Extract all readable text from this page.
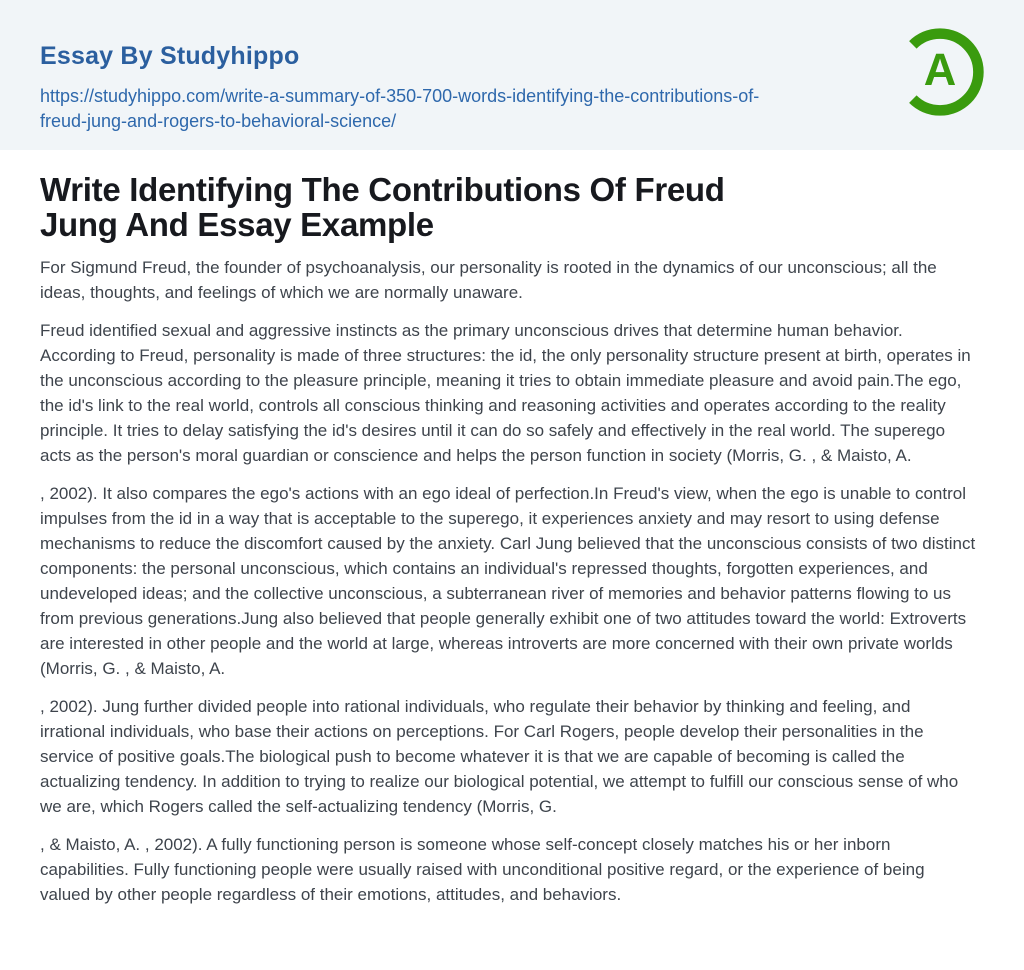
Essay By Studyhippo
https://studyhippo.com/write-a-summary-of-350-700-words-identifying-the-contributions-of-
freud-jung-and-rogers-to-behavioral-science/
A
Write Identifying The Contributions Of Freud
Jung And Essay Example

For Sigmund Freud, the founder of psychoanalysis, our personality is rooted in the dynamics of our unconscious; all the ideas, thoughts, and feelings of which we are normally unaware.

Freud identified sexual and aggressive instincts as the primary unconscious drives that determine human behavior. According to Freud, personality is made of three structures: the id, the only personality structure present at birth, operates in the unconscious according to the pleasure principle, meaning it tries to obtain immediate pleasure and avoid pain.The ego, the id's link to the real world, controls all conscious thinking and reasoning activities and operates according to the reality principle. It tries to delay satisfying the id's desires until it can do so safely and effectively in the real world. The superego acts as the person's moral guardian or conscience and helps the person function in society (Morris, G. , & Maisto, A.

, 2002). It also compares the ego's actions with an ego ideal of perfection.In Freud's view, when the ego is unable to control impulses from the id in a way that is acceptable to the superego, it experiences anxiety and may resort to using defense mechanisms to reduce the discomfort caused by the anxiety. Carl Jung believed that the unconscious consists of two distinct components: the personal unconscious, which contains an individual's repressed thoughts, forgotten experiences, and undeveloped ideas; and the collective unconscious, a subterranean river of memories and behavior patterns flowing to us from previous generations.Jung also believed that people generally exhibit one of two attitudes toward the world: Extroverts are interested in other people and the world at large, whereas introverts are more concerned with their own private worlds (Morris, G. , & Maisto, A.

, 2002). Jung further divided people into rational individuals, who regulate their behavior by thinking and feeling, and irrational individuals, who base their actions on perceptions. For Carl Rogers, people develop their personalities in the service of positive goals.The biological push to become whatever it is that we are capable of becoming is called the actualizing tendency. In addition to trying to realize our biological potential, we attempt to fulfill our conscious sense of who we are, which Rogers called the self-actualizing tendency (Morris, G.

, & Maisto, A. , 2002). A fully functioning person is someone whose self-concept closely matches his or her inborn capabilities. Fully functioning people were usually raised with unconditional positive regard, or the experience of being valued by other people regardless of their emotions, attitudes, and behaviors.
